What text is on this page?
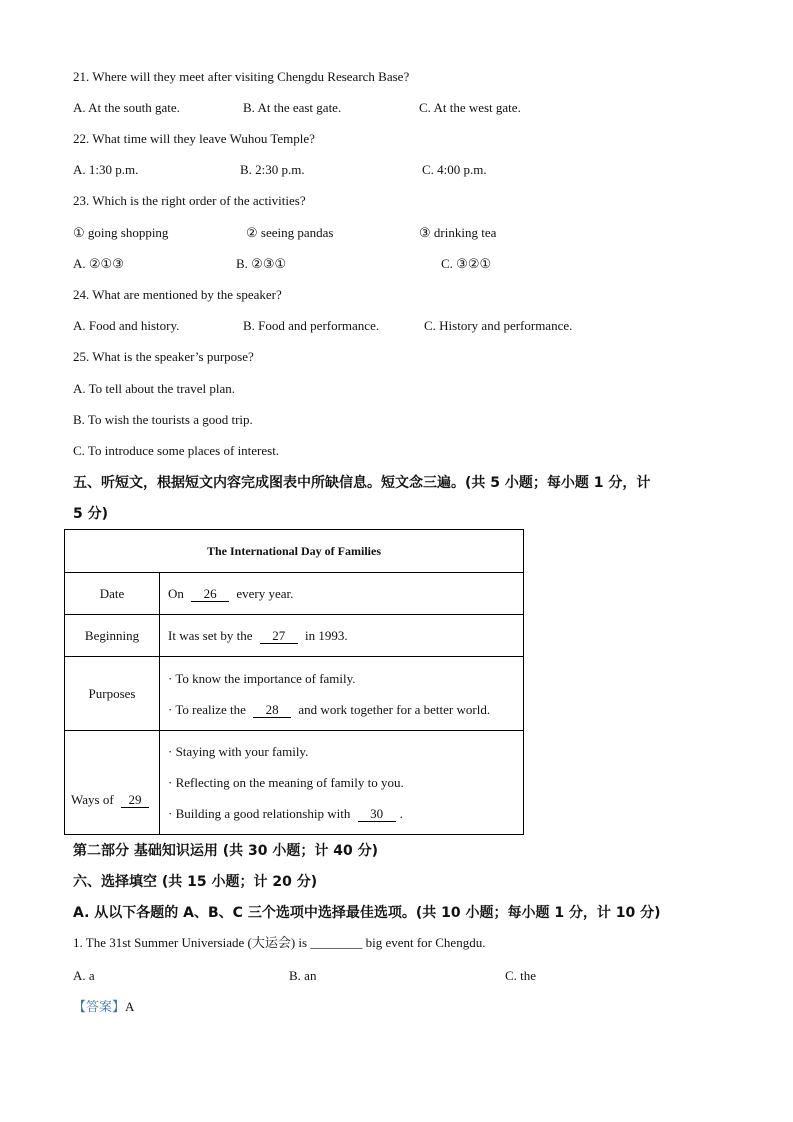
21. Where will they meet after visiting Chengdu Research Base?
A. At the south gate.	B. At the east gate.	C. At the west gate.
22. What time will they leave Wuhou Temple?
A. 1:30 p.m.	B. 2:30 p.m.	C. 4:00 p.m.
23. Which is the right order of the activities?
① going shopping	② seeing pandas	③ drinking tea
A. ②①③	B. ②③①	C. ③②①
24. What are mentioned by the speaker?
A. Food and history.	B. Food and performance.	C. History and performance.
25. What is the speaker’s purpose?
A. To tell about the travel plan.
B. To wish the tourists a good trip.
C. To introduce some places of interest.
五、听短文，根据短文内容完成图表中所缺信息。短文念三遍。(共 5 小题；每小题 1 分，计
5 分)
The International Day of Families	
Date	On 26 every year.
Beginning	It was set by the 27 in 1993.
Purposes	· To know the importance of family.
· To realize the 28 and work together for a better world.

Ways of 29	· Staying with your family.
· Reflecting on the meaning of family to you.
· Building a good relationship with 30 .
第二部分 基础知识运用 (共 30 小题；计 40 分)
六、选择填空 (共 15 小题；计 20 分)
A. 从以下各题的 A、B、C 三个选项中选择最佳选项。(共 10 小题；每小题 1 分，计 10 分)
1. The 31st Summer Universiade (大运会) is ________ big event for Chengdu.
A. a	B. an	C. the
【答案】A
